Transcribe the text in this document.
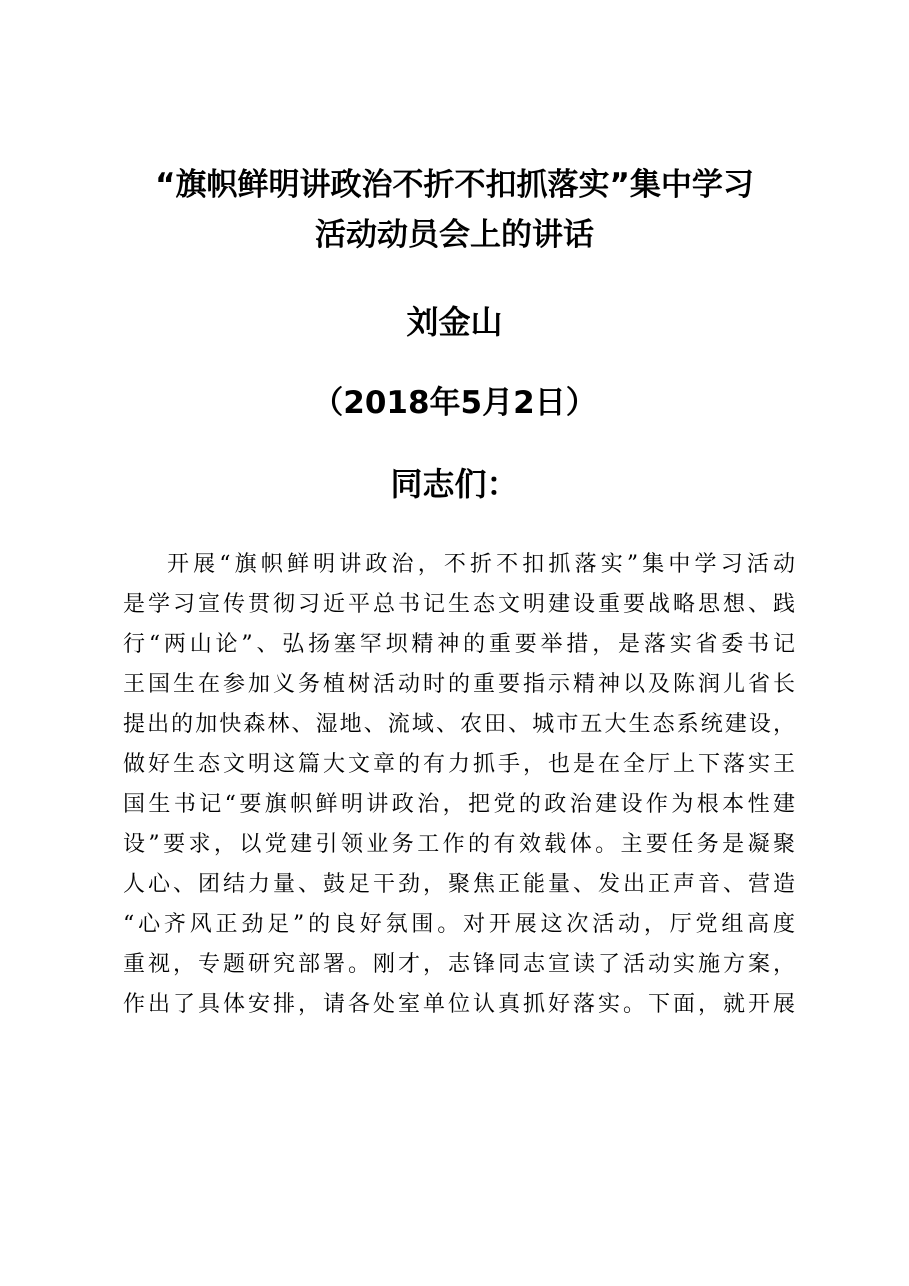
“旗帜鲜明讲政治不折不扣抓落实”集中学习
活动动员会上的讲话
刘金山
（2018年5月2日）
同志们：
开展“旗帜鲜明讲政治，不折不扣抓落实”集中学习活动
是学习宣传贯彻习近平总书记生态文明建设重要战略思想、践
行“两山论”、弘扬塞罕坝精神的重要举措，是落实省委书记
王国生在参加义务植树活动时的重要指示精神以及陈润儿省长
提出的加快森林、湿地、流域、农田、城市五大生态系统建设，
做好生态文明这篇大文章的有力抓手，也是在全厅上下落实王
国生书记“要旗帜鲜明讲政治，把党的政治建设作为根本性建
设”要求，以党建引领业务工作的有效载体。主要任务是凝聚
人心、团结力量、鼓足干劲，聚焦正能量、发出正声音、营造
“心齐风正劲足”的良好氛围。对开展这次活动，厅党组高度
重视，专题研究部署。刚才，志锋同志宣读了活动实施方案，
作出了具体安排，请各处室单位认真抓好落实。下面，就开展
